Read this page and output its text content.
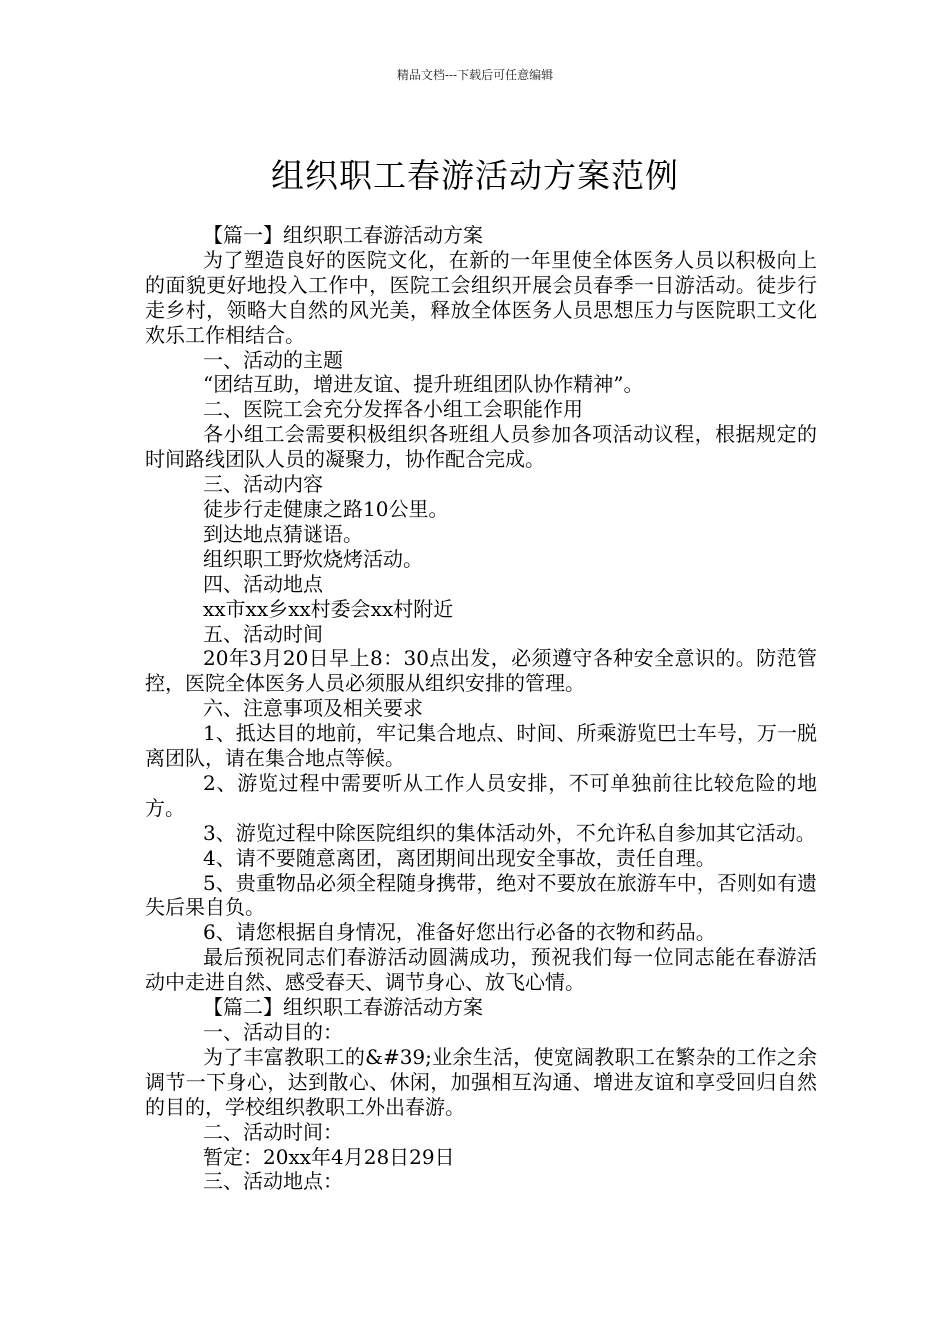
精品文档---下载后可任意编辑
组织职工春游活动方案范例

【篇一】组织职工春游活动方案

为了塑造良好的医院文化，在新的一年里使全体医务人员以积极向上的面貌更好地投入工作中，医院工会组织开展会员春季一日游活动。徒步行走乡村，领略大自然的风光美，释放全体医务人员思想压力与医院职工文化欢乐工作相结合。

一、活动的主题

“团结互助，增进友谊、提升班组团队协作精神”。

二、医院工会充分发挥各小组工会职能作用

各小组工会需要积极组织各班组人员参加各项活动议程，根据规定的时间路线团队人员的凝聚力，协作配合完成。

三、活动内容

徒步行走健康之路10公里。

到达地点猜谜语。

组织职工野炊烧烤活动。

四、活动地点

xx市xx乡xx村委会xx村附近

五、活动时间

20年3月20日早上8：30点出发，必须遵守各种安全意识的。防范管控，医院全体医务人员必须服从组织安排的管理。

六、注意事项及相关要求

1、抵达目的地前，牢记集合地点、时间、所乘游览巴士车号，万一脱离团队，请在集合地点等候。

2、游览过程中需要听从工作人员安排，不可单独前往比较危险的地方。

3、游览过程中除医院组织的集体活动外，不允许私自参加其它活动。

4、请不要随意离团，离团期间出现安全事故，责任自理。

5、贵重物品必须全程随身携带，绝对不要放在旅游车中，否则如有遗失后果自负。

6、请您根据自身情况，准备好您出行必备的衣物和药品。

最后预祝同志们春游活动圆满成功，预祝我们每一位同志能在春游活动中走进自然、感受春天、调节身心、放飞心情。

【篇二】组织职工春游活动方案

一、活动目的：

为了丰富教职工的&#39;业余生活，使宽阔教职工在繁杂的工作之余调节一下身心，达到散心、休闲，加强相互沟通、增进友谊和享受回归自然的目的，学校组织教职工外出春游。

二、活动时间：

暂定：20xx年4月28日29日

三、活动地点：
